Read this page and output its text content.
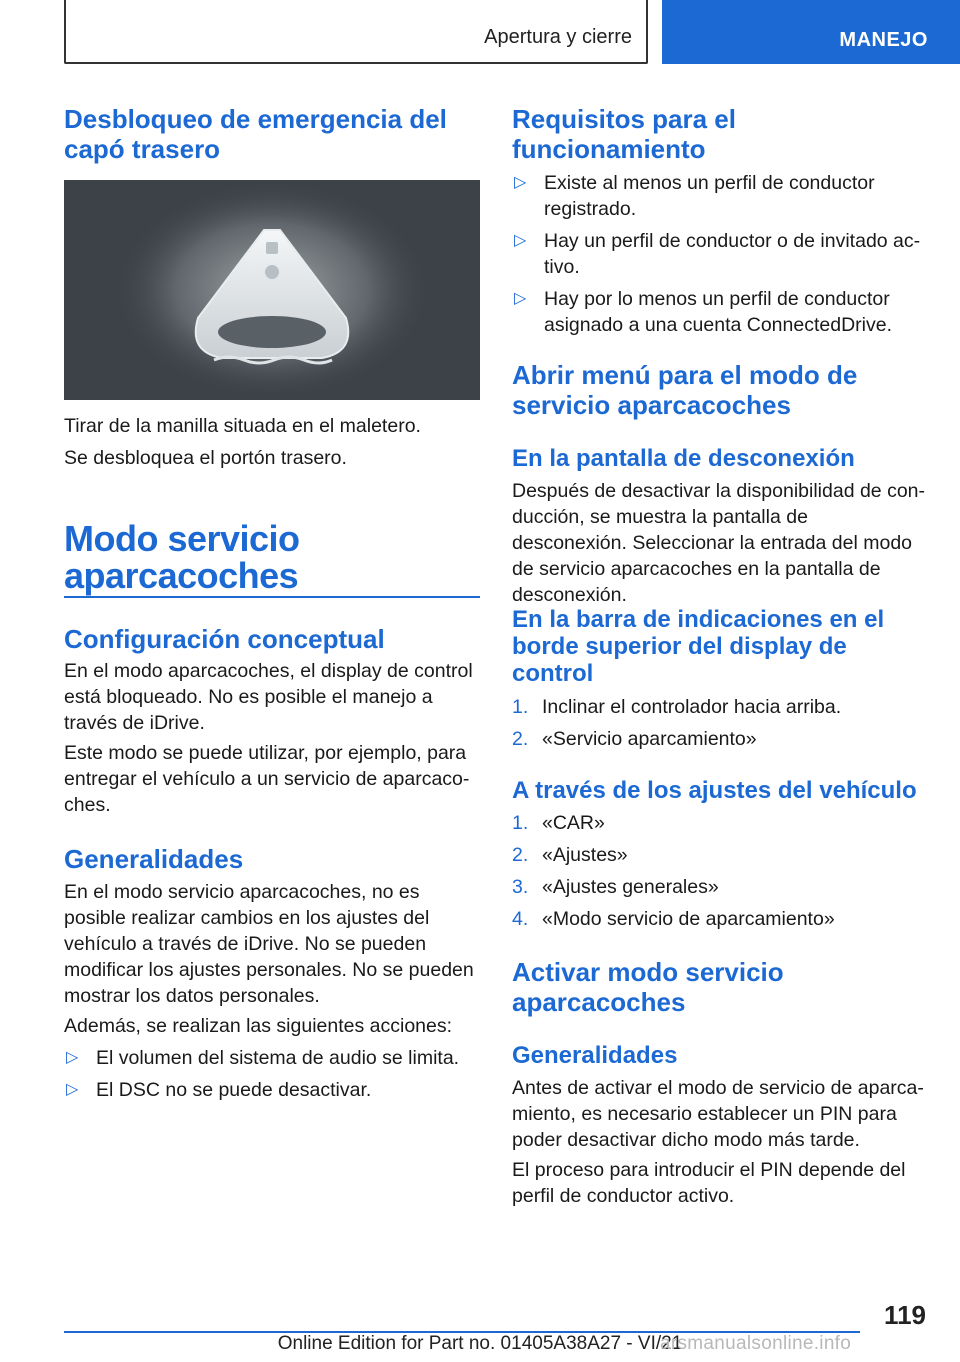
Apertura y cierre	MANEJO
Desbloqueo de emergencia del capó trasero

Tirar de la manilla situada en el maletero.

Se desbloquea el portón trasero.

Modo servicio aparcacoches
Configuración conceptual

En el modo aparcacoches, el display de control está bloqueado. No es posible el manejo a través de iDrive.

Este modo se puede utilizar, por ejemplo, para entregar el vehículo a un servicio de aparcacoches.

Generalidades

En el modo servicio aparcacoches, no es posible realizar cambios en los ajustes del vehículo a través de iDrive. No se pueden modificar los ajustes personales. No se pueden mostrar los datos personales.

Además, se realizan las siguientes acciones:

▷ El volumen del sistema de audio se limita.
▷ El DSC no se puede desactivar.
Requisitos para el funcionamiento
▷ Existe al menos un perfil de conductor registrado.
▷ Hay un perfil de conductor o de invitado activo.
▷ Hay por lo menos un perfil de conductor asignado a una cuenta ConnectedDrive.
Abrir menú para el modo de servicio aparcacoches
En la pantalla de desconexión

Después de desactivar la disponibilidad de conducción, se muestra la pantalla de desconexión. Seleccionar la entrada del modo de servicio aparcacoches en la pantalla de desconexión.

En la barra de indicaciones en el borde superior del display de control
1. Inclinar el controlador hacia arriba.
2. «Servicio aparcamiento»
A través de los ajustes del vehículo
1. «CAR»
2. «Ajustes»
3. «Ajustes generales»
4. «Modo servicio de aparcamiento»
Activar modo servicio aparcacoches
Generalidades

Antes de activar el modo de servicio de aparcamiento, es necesario establecer un PIN para poder desactivar dicho modo más tarde.

El proceso para introducir el PIN depende del perfil de conductor activo.

119
Online Edition for Part no. 01405A38A27 - VI/21
arsmanualsonline.info
